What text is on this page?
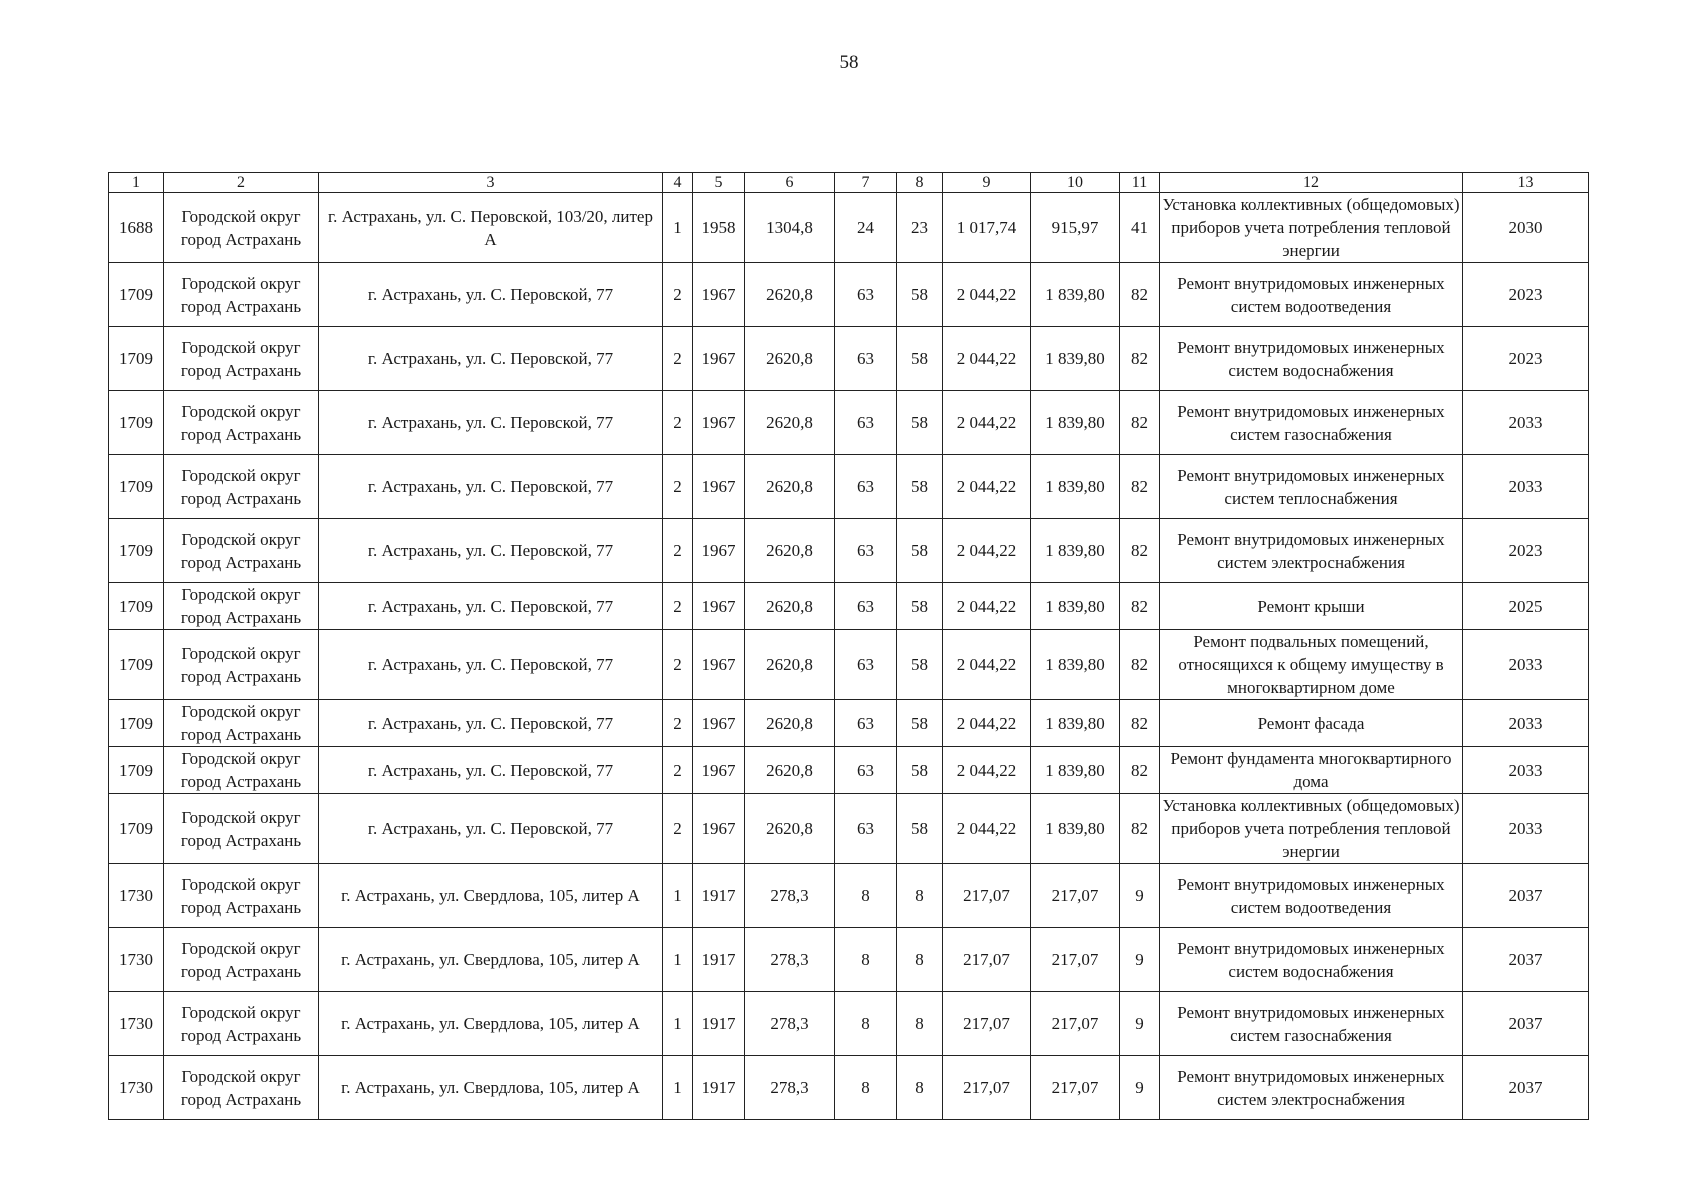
58
1	2	3	4	5	6	7	8	9	10	11	12	13
1688	Городской округ город Астрахань	г. Астрахань, ул. С. Перовской, 103/20, литер А	1	1958	1304,8	24	23	1 017,74	915,97	41	Установка коллективных (общедомовых) приборов учета потребления тепловой энергии	2030
1709	Городской округ город Астрахань	г. Астрахань, ул. С. Перовской, 77	2	1967	2620,8	63	58	2 044,22	1 839,80	82	Ремонт внутридомовых инженерных систем водоотведения	2023
1709	Городской округ город Астрахань	г. Астрахань, ул. С. Перовской, 77	2	1967	2620,8	63	58	2 044,22	1 839,80	82	Ремонт внутридомовых инженерных систем водоснабжения	2023
1709	Городской округ город Астрахань	г. Астрахань, ул. С. Перовской, 77	2	1967	2620,8	63	58	2 044,22	1 839,80	82	Ремонт внутридомовых инженерных систем газоснабжения	2033
1709	Городской округ город Астрахань	г. Астрахань, ул. С. Перовской, 77	2	1967	2620,8	63	58	2 044,22	1 839,80	82	Ремонт внутридомовых инженерных систем теплоснабжения	2033
1709	Городской округ город Астрахань	г. Астрахань, ул. С. Перовской, 77	2	1967	2620,8	63	58	2 044,22	1 839,80	82	Ремонт внутридомовых инженерных систем электроснабжения	2023
1709	Городской округ город Астрахань	г. Астрахань, ул. С. Перовской, 77	2	1967	2620,8	63	58	2 044,22	1 839,80	82	Ремонт крыши	2025
1709	Городской округ город Астрахань	г. Астрахань, ул. С. Перовской, 77	2	1967	2620,8	63	58	2 044,22	1 839,80	82	Ремонт подвальных помещений, относящихся к общему имуществу в многоквартирном доме	2033
1709	Городской округ город Астрахань	г. Астрахань, ул. С. Перовской, 77	2	1967	2620,8	63	58	2 044,22	1 839,80	82	Ремонт фасада	2033
1709	Городской округ город Астрахань	г. Астрахань, ул. С. Перовской, 77	2	1967	2620,8	63	58	2 044,22	1 839,80	82	Ремонт фундамента многоквартирного дома	2033
1709	Городской округ город Астрахань	г. Астрахань, ул. С. Перовской, 77	2	1967	2620,8	63	58	2 044,22	1 839,80	82	Установка коллективных (общедомовых) приборов учета потребления тепловой энергии	2033
1730	Городской округ город Астрахань	г. Астрахань, ул. Свердлова, 105, литер А	1	1917	278,3	8	8	217,07	217,07	9	Ремонт внутридомовых инженерных систем водоотведения	2037
1730	Городской округ город Астрахань	г. Астрахань, ул. Свердлова, 105, литер А	1	1917	278,3	8	8	217,07	217,07	9	Ремонт внутридомовых инженерных систем водоснабжения	2037
1730	Городской округ город Астрахань	г. Астрахань, ул. Свердлова, 105, литер А	1	1917	278,3	8	8	217,07	217,07	9	Ремонт внутридомовых инженерных систем газоснабжения	2037
1730	Городской округ город Астрахань	г. Астрахань, ул. Свердлова, 105, литер А	1	1917	278,3	8	8	217,07	217,07	9	Ремонт внутридомовых инженерных систем электроснабжения	2037
